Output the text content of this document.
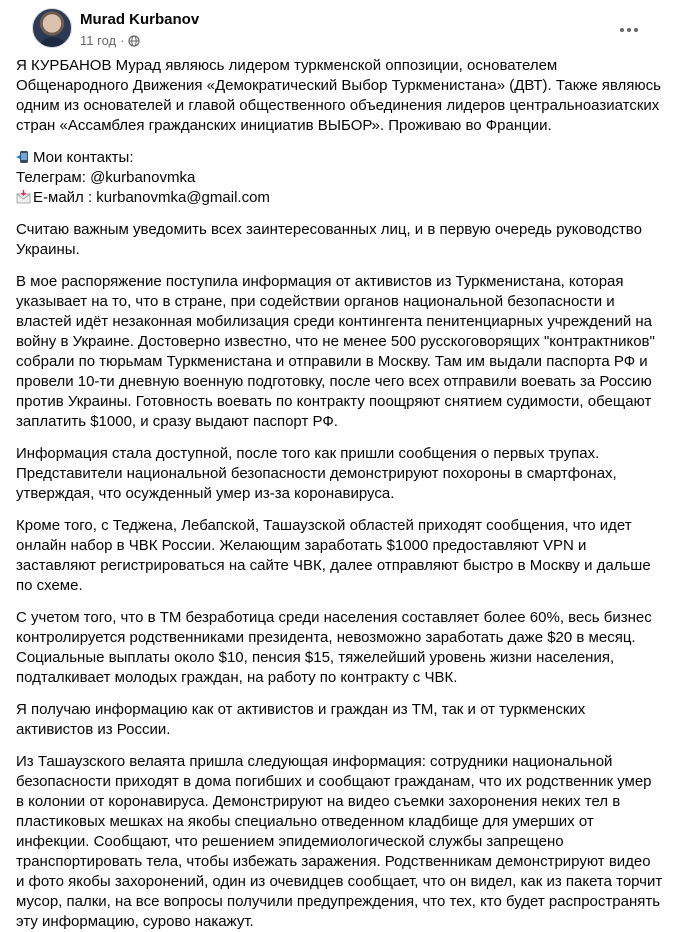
Murad Kurbanov
11 год ·

Я КУРБАНОВ Мурад являюсь лидером туркменской оппозиции, основателем Общенародного Движения «Демократический Выбор Туркменистана» (ДВТ). Также являюсь одним из основателей и главой общественного объединения лидеров центральноазиатских стран «Ассамблея гражданских инициатив ВЫБОР». Проживаю во Франции.

Мои контакты:

Телеграм: @kurbanovmka

E-майл : kurbanovmka@gmail.com

Считаю важным уведомить всех заинтересованных лиц, и в первую очередь руководство Украины.

В мое распоряжение поступила информация от активистов из Туркменистана, которая указывает на то, что в стране, при содействии органов национальной безопасности и властей идёт незаконная мобилизация среди контингента пенитенциарных учреждений на войну в Украине. Достоверно известно, что не менее 500 русскоговорящих "контрактников" собрали по тюрьмам Туркменистана и отправили в Москву. Там им выдали паспорта РФ и провели 10-ти дневную военную подготовку, после чего всех отправили воевать за Россию против Украины. Готовность воевать по контракту поощряют снятием судимости, обещают заплатить $1000, и сразу выдают паспорт РФ.

Информация стала доступной, после того как пришли сообщения о первых трупах. Представители национальной безопасности демонстрируют похороны в смартфонах, утверждая, что осужденный умер из-за коронавируса.

Кроме того, с Теджена, Лебапской, Ташаузской областей приходят сообщения, что идет онлайн набор в ЧВК России. Желающим заработать $1000 предоставляют VPN и заставляют регистрироваться на сайте ЧВК, далее отправляют быстро в Москву и дальше по схеме.

С учетом того, что в ТМ безработица среди населения составляет более 60%, весь бизнес контролируется родственниками президента, невозможно заработать даже $20 в месяц. Социальные выплаты около $10, пенсия $15, тяжелейший уровень жизни населения, подталкивает молодых граждан, на работу по контракту с ЧВК.

Я получаю информацию как от активистов и граждан из ТМ, так и от туркменских активистов из России.

Из Ташаузского велаята пришла следующая информация: сотрудники национальной безопасности приходят в дома погибших и сообщают гражданам, что их родственник умер в колонии от коронавируса. Демонстрируют на видео съемки захоронения неких тел в пластиковых мешках на якобы специально отведенном кладбище для умерших от инфекции. Сообщают, что решением эпидемиологической службы запрещено транспортировать тела, чтобы избежать заражения. Родственникам демонстрируют видео и фото якобы захоронений, один из очевидцев сообщает, что он видел, как из пакета торчит мусор, палки, на все вопросы получили предупреждения, что тех, кто будет распространять эту информацию, сурово накажут.
